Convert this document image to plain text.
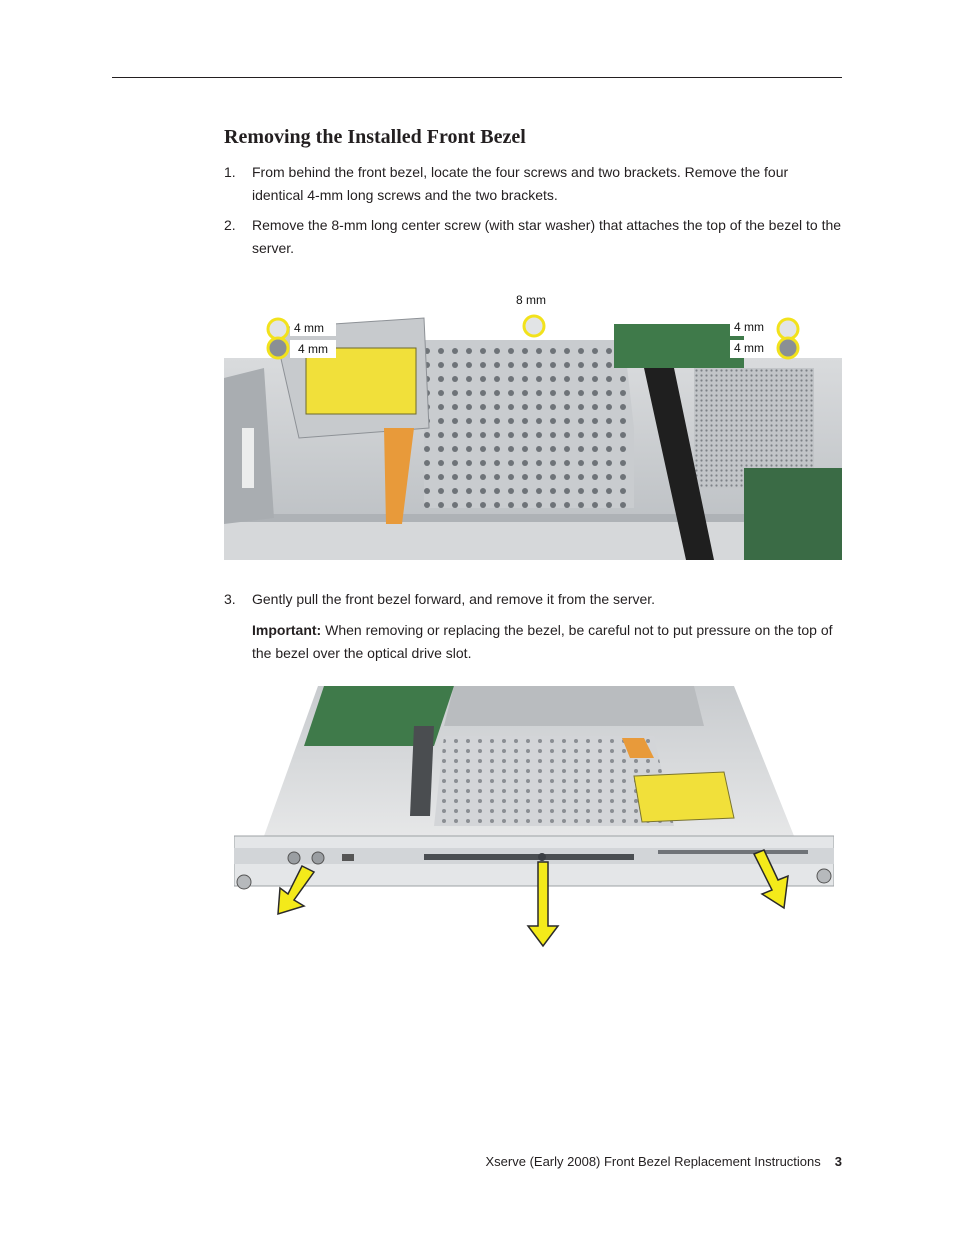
Removing the Installed Front Bezel
1.	From behind the front bezel, locate the four screws and two brackets. Remove the four identical 4-mm long screws and the two brackets.
2.	Remove the 8-mm long center screw (with star washer) that attaches the top of the bezel to the server.
8 mm
4 mm
4 mm
4 mm
4 mm
3.	Gently pull the front bezel forward, and remove it from the server.
Important: When removing or replacing the bezel, be careful not to put pressure on the top of the bezel over the optical drive slot.
Xserve (Early 2008) Front Bezel Replacement Instructions 3
